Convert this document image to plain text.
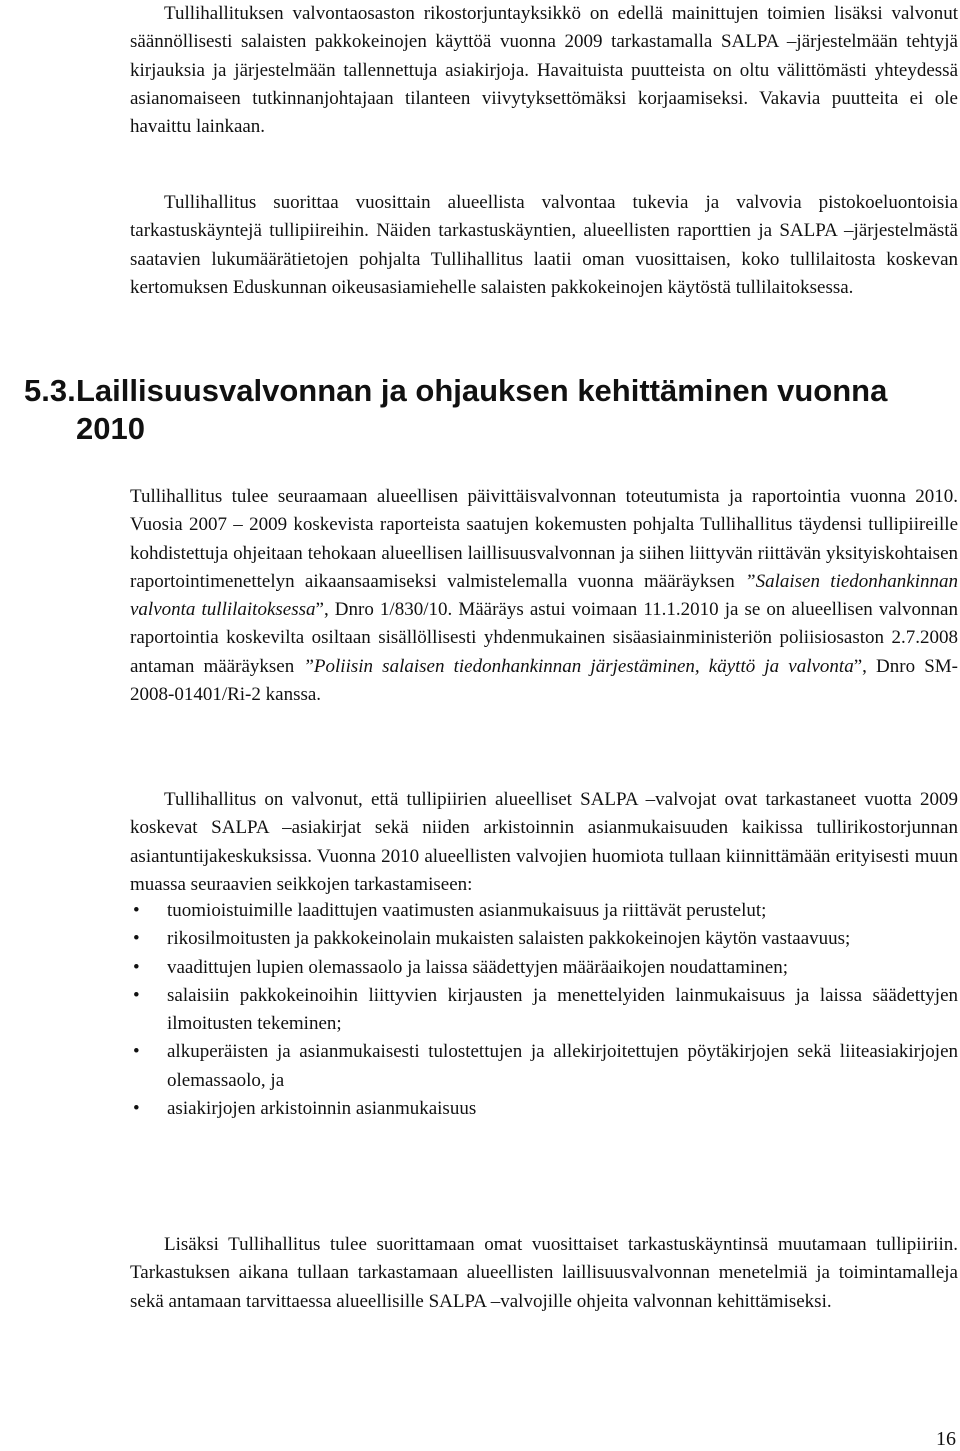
Tullihallituksen valvontaosaston rikostorjuntayksikkö on edellä mainittujen toimien lisäksi valvonut säännöllisesti salaisten pakkokeinojen käyttöä vuonna 2009 tarkastamalla SALPA –järjestelmään tehtyjä kirjauksia ja järjestelmään tallennettuja asiakirjoja. Havaituista puutteista on oltu välittömästi yhteydessä asianomaiseen tutkinnanjohtajaan tilanteen viivytyksettömäksi korjaamiseksi. Vakavia puutteita ei ole havaittu lainkaan.

Tullihallitus suorittaa vuosittain alueellista valvontaa tukevia ja valvovia pistokoeluontoisia tarkastuskäyntejä tullipiireihin. Näiden tarkastuskäyntien, alueellisten raporttien ja SALPA –järjestelmästä saatavien lukumäärätietojen pohjalta Tullihallitus laatii oman vuosittaisen, koko tullilaitosta koskevan kertomuksen Eduskunnan oikeusasiamiehelle salaisten pakkokeinojen käytöstä tullilaitoksessa.

5.3.Laillisuusvalvonnan ja ohjauksen kehittäminen vuonna
2010

Tullihallitus tulee seuraamaan alueellisen päivittäisvalvonnan toteutumista ja raportointia vuonna 2010. Vuosia 2007 – 2009 koskevista raporteista saatujen kokemusten pohjalta Tullihallitus täydensi tullipiireille kohdistettuja ohjeitaan tehokaan alueellisen laillisuusvalvonnan ja siihen liittyvän riittävän yksityiskohtaisen raportointimenettelyn aikaansaamiseksi valmistelemalla vuonna määräyksen ”Salaisen tiedonhankinnan valvonta tullilaitoksessa”, Dnro 1/830/10. Määräys astui voimaan 11.1.2010 ja se on alueellisen valvonnan raportointia koskevilta osiltaan sisällöllisesti yhdenmukainen sisäasiainministeriön poliisiosaston 2.7.2008 antaman määräyksen ”Poliisin salaisen tiedonhankinnan järjestäminen, käyttö ja valvonta”, Dnro SM-2008-01401/Ri-2 kanssa.

Tullihallitus on valvonut, että tullipiirien alueelliset SALPA –valvojat ovat tarkastaneet vuotta 2009 koskevat SALPA –asiakirjat sekä niiden arkistoinnin asianmukaisuuden kaikissa tullirikostorjunnan asiantuntijakeskuksissa. Vuonna 2010 alueellisten valvojien huomiota tullaan kiinnittämään erityisesti muun muassa seuraavien seikkojen tarkastamiseen:

• tuomioistuimille laadittujen vaatimusten asianmukaisuus ja riittävät perustelut;
• rikosilmoitusten ja pakkokeinolain mukaisten salaisten pakkokeinojen käytön vastaavuus;
• vaadittujen lupien olemassaolo ja laissa säädettyjen määräaikojen noudattaminen;
• salaisiin pakkokeinoihin liittyvien kirjausten ja menettelyiden lainmukaisuus ja laissa säädettyjen ilmoitusten tekeminen;
• alkuperäisten ja asianmukaisesti tulostettujen ja allekirjoitettujen pöytäkirjojen sekä liiteasiakirjojen olemassaolo, ja
• asiakirjojen arkistoinnin asianmukaisuus

Lisäksi Tullihallitus tulee suorittamaan omat vuosittaiset tarkastuskäyntinsä muutamaan tullipiiriin. Tarkastuksen aikana tullaan tarkastamaan alueellisten laillisuusvalvonnan menetelmiä ja toimintamalleja sekä antamaan tarvittaessa alueellisille SALPA –valvojille ohjeita valvonnan kehittämiseksi.

16
